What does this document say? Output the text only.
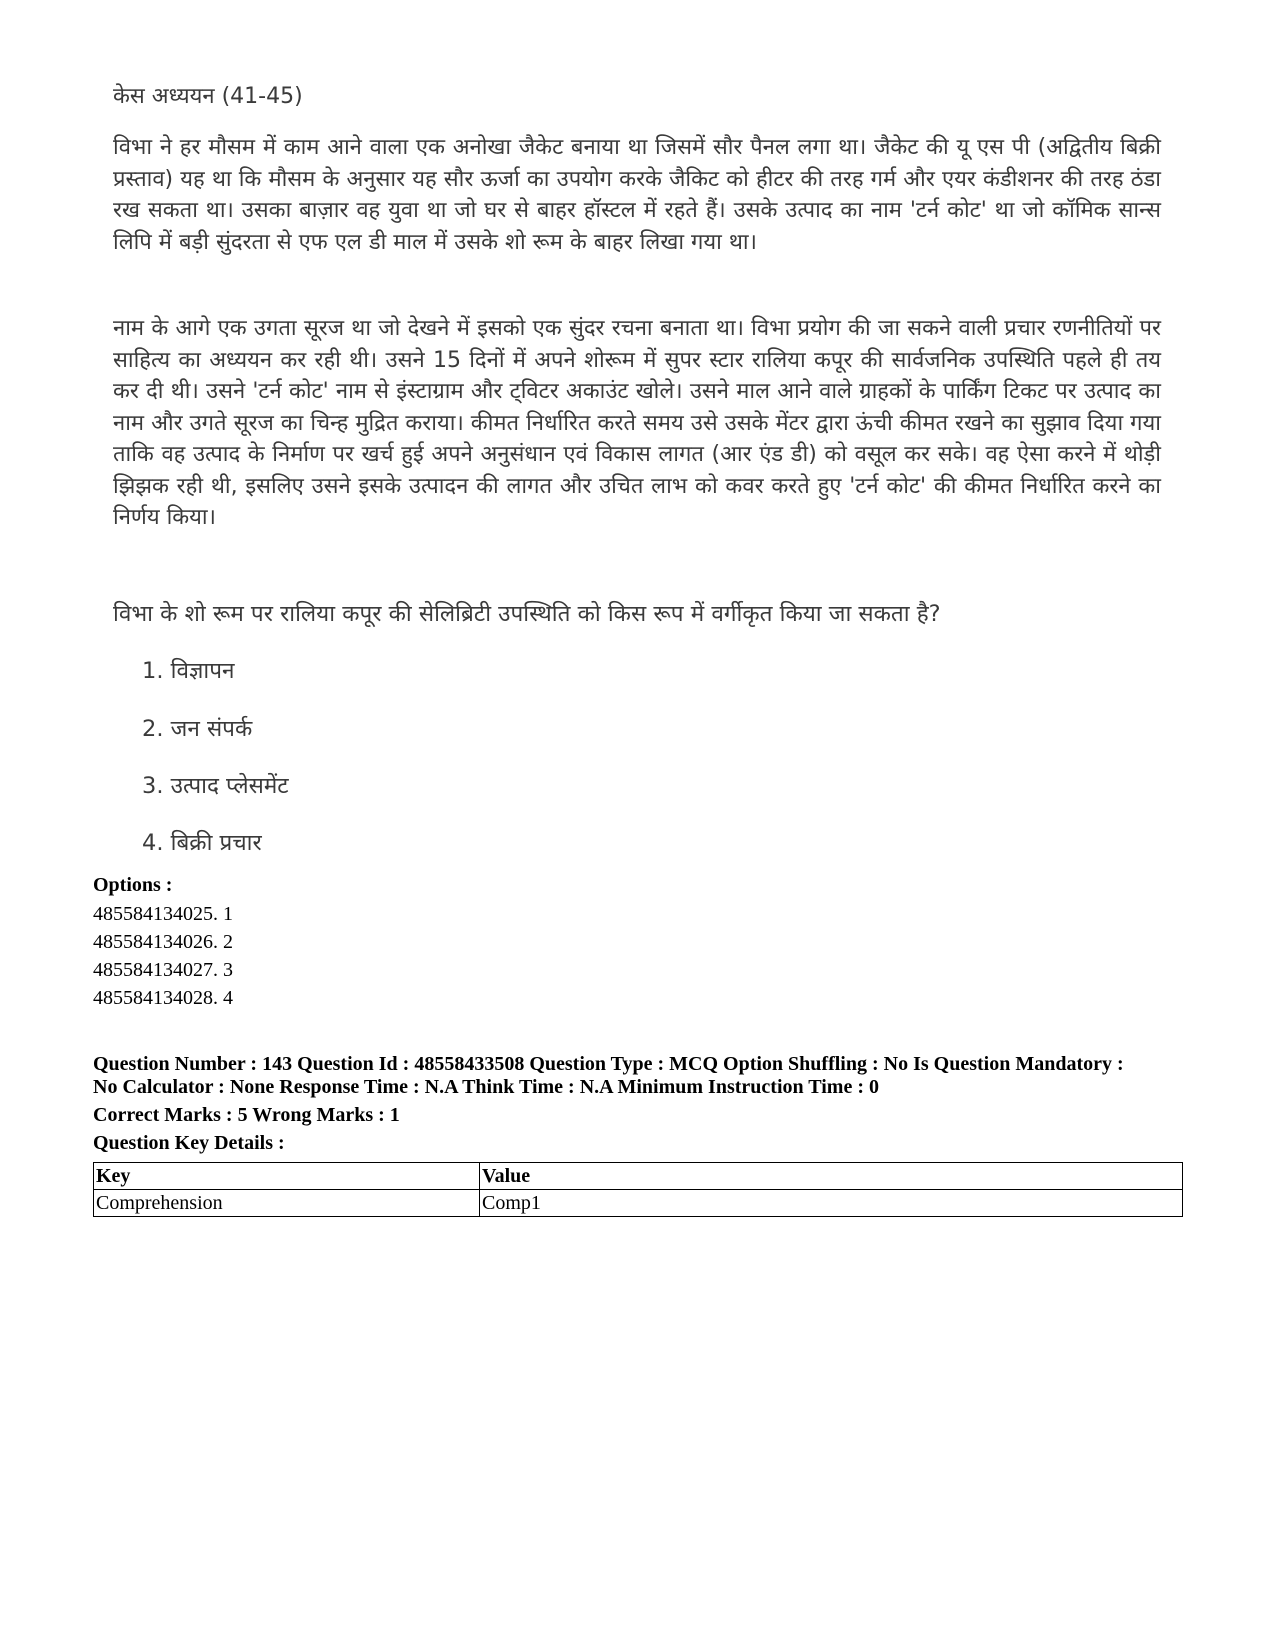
केस अध्ययन (41-45)

विभा ने हर मौसम में काम आने वाला एक अनोखा जैकेट बनाया था जिसमें सौर पैनल लगा था। जैकेट की यू एस पी (अद्वितीय बिक्री प्रस्ताव) यह था कि मौसम के अनुसार यह सौर ऊर्जा का उपयोग करके जैकिट को हीटर की तरह गर्म और एयर कंडीशनर की तरह ठंडा रख सकता था। उसका बाज़ार वह युवा था जो घर से बाहर हॉस्टल में रहते हैं। उसके उत्पाद का नाम 'टर्न कोट' था जो कॉमिक सान्स लिपि में बड़ी सुंदरता से एफ एल डी माल में उसके शो रूम के बाहर लिखा गया था।

नाम के आगे एक उगता सूरज था जो देखने में इसको एक सुंदर रचना बनाता था। विभा प्रयोग की जा सकने वाली प्रचार रणनीतियों पर साहित्य का अध्ययन कर रही थी। उसने 15 दिनों में अपने शोरूम में सुपर स्टार रालिया कपूर की सार्वजनिक उपस्थिति पहले ही तय कर दी थी। उसने 'टर्न कोट' नाम से इंस्टाग्राम और ट्विटर अकाउंट खोले। उसने माल आने वाले ग्राहकों के पार्किंग टिकट पर उत्पाद का नाम और उगते सूरज का चिन्ह मुद्रित कराया। कीमत निर्धारित करते समय उसे उसके मेंटर द्वारा ऊंची कीमत रखने का सुझाव दिया गया ताकि वह उत्पाद के निर्माण पर खर्च हुई अपने अनुसंधान एवं विकास लागत (आर एंड डी) को वसूल कर सके। वह ऐसा करने में थोड़ी झिझक रही थी, इसलिए उसने इसके उत्पादन की लागत और उचित लाभ को कवर करते हुए 'टर्न कोट' की कीमत निर्धारित करने का निर्णय किया।

विभा के शो रूम पर रालिया कपूर की सेलिब्रिटी उपस्थिति को किस रूप में वर्गीकृत किया जा सकता है?

1. विज्ञापन

2. जन संपर्क

3. उत्पाद प्लेसमेंट

4. बिक्री प्रचार

Options :
485584134025. 1
485584134026. 2
485584134027. 3
485584134028. 4
Question Number : 143 Question Id : 48558433508 Question Type : MCQ Option Shuffling : No Is Question Mandatory :
No Calculator : None Response Time : N.A Think Time : N.A Minimum Instruction Time : 0
Correct Marks : 5 Wrong Marks : 1
Question Key Details :
Key	Value
Comprehension	Comp1
